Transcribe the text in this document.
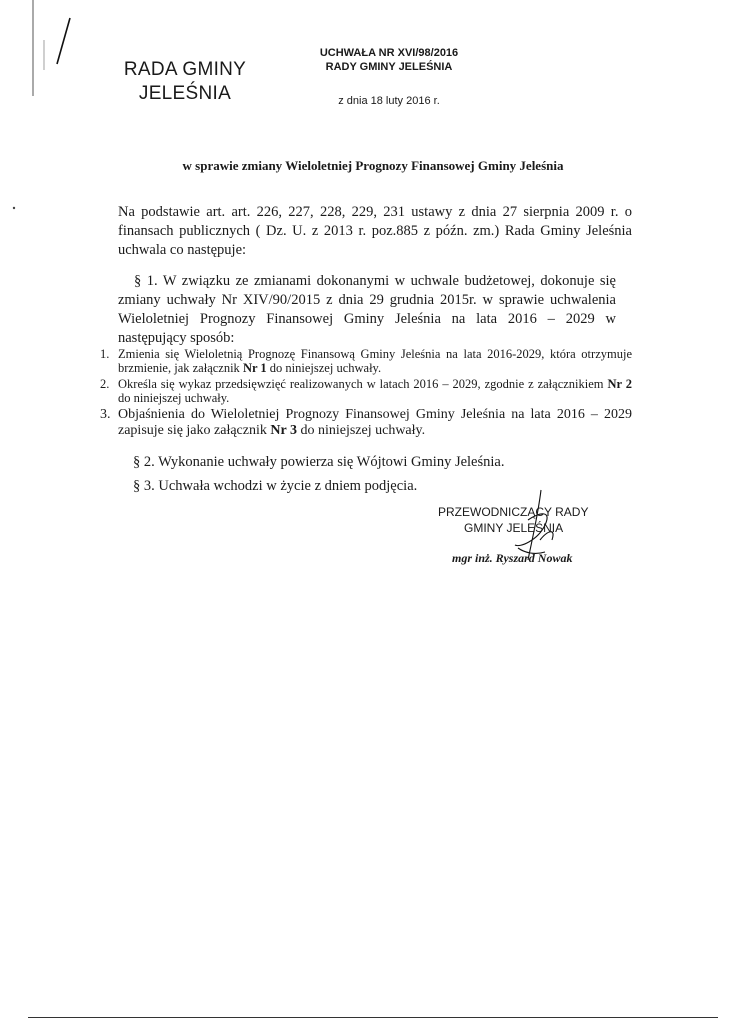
RADA GMINY
JELEŚNIA
UCHWAŁA NR XVI/98/2016
RADY GMINY JELEŚNIA
z dnia 18 luty 2016 r.
w sprawie zmiany Wieloletniej Prognozy Finansowej Gminy Jeleśnia
Na podstawie art. art. 226, 227, 228, 229, 231 ustawy z dnia 27 sierpnia 2009 r. o finansach publicznych ( Dz. U. z 2013 r. poz.885 z późn. zm.) Rada Gminy Jeleśnia uchwala co następuje:
§ 1. W związku ze zmianami dokonanymi w uchwale budżetowej, dokonuje się zmiany uchwały Nr XIV/90/2015 z dnia 29 grudnia 2015r. w sprawie uchwalenia Wieloletniej Prognozy Finansowej Gminy Jeleśnia na lata 2016 – 2029 w następujący sposób:
1. Zmienia się Wieloletnią Prognozę Finansową Gminy Jeleśnia na lata 2016-2029, która otrzymuje brzmienie, jak załącznik Nr 1 do niniejszej uchwały.
2. Określa się wykaz przedsięwzięć realizowanych w latach 2016 – 2029, zgodnie z załącznikiem Nr 2 do niniejszej uchwały.
3. Objaśnienia do Wieloletniej Prognozy Finansowej Gminy Jeleśnia na lata 2016 – 2029 zapisuje się jako załącznik Nr 3 do niniejszej uchwały.
§ 2. Wykonanie uchwały powierza się Wójtowi Gminy Jeleśnia.
§ 3. Uchwała wchodzi w życie z dniem podjęcia.
PRZEWODNICZĄCY RADY
GMINY JELEŚNIA
mgr inż. Ryszard Nowak
